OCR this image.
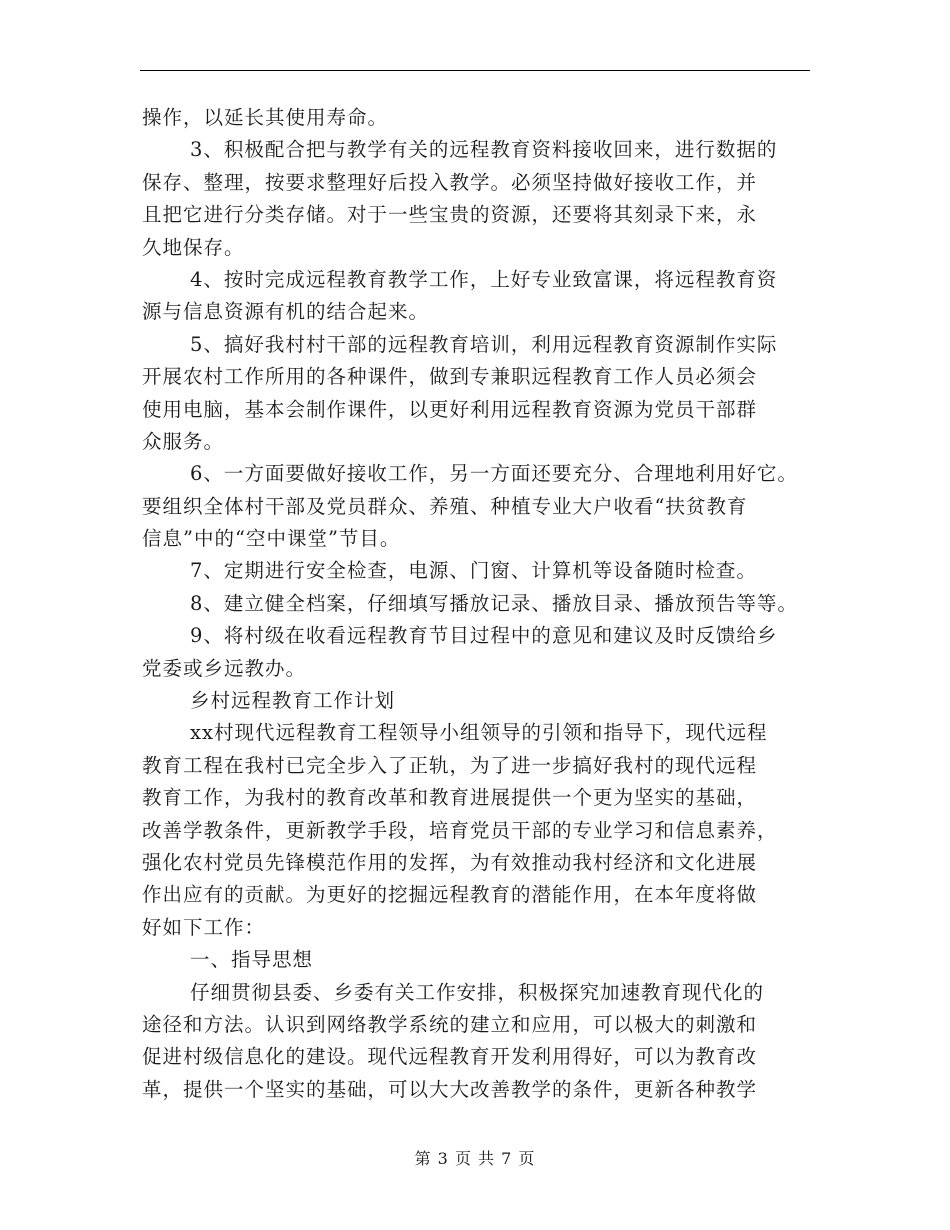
操作，以延长其使用寿命。
3、积极配合把与教学有关的远程教育资料接收回来，进行数据的
保存、整理，按要求整理好后投入教学。必须坚持做好接收工作，并
且把它进行分类存储。对于一些宝贵的资源，还要将其刻录下来，永
久地保存。
4、按时完成远程教育教学工作，上好专业致富课，将远程教育资
源与信息资源有机的结合起来。
5、搞好我村村干部的远程教育培训，利用远程教育资源制作实际
开展农村工作所用的各种课件，做到专兼职远程教育工作人员必须会
使用电脑，基本会制作课件，以更好利用远程教育资源为党员干部群
众服务。
6、一方面要做好接收工作，另一方面还要充分、合理地利用好它。
要组织全体村干部及党员群众、养殖、种植专业大户收看“扶贫教育
信息”中的“空中课堂”节目。
7、定期进行安全检查，电源、门窗、计算机等设备随时检查。
8、建立健全档案，仔细填写播放记录、播放目录、播放预告等等。
9、将村级在收看远程教育节目过程中的意见和建议及时反馈给乡
党委或乡远教办。
乡村远程教育工作计划
xx村现代远程教育工程领导小组领导的引领和指导下，现代远程
教育工程在我村已完全步入了正轨，为了进一步搞好我村的现代远程
教育工作，为我村的教育改革和教育进展提供一个更为坚实的基础，
改善学教条件，更新教学手段，培育党员干部的专业学习和信息素养，
强化农村党员先锋模范作用的发挥，为有效推动我村经济和文化进展
作出应有的贡献。为更好的挖掘远程教育的潜能作用，在本年度将做
好如下工作：
一、指导思想
仔细贯彻县委、乡委有关工作安排，积极探究加速教育现代化的
途径和方法。认识到网络教学系统的建立和应用，可以极大的刺激和
促进村级信息化的建设。现代远程教育开发利用得好，可以为教育改
革，提供一个坚实的基础，可以大大改善教学的条件，更新各种教学
第 3 页 共 7 页
